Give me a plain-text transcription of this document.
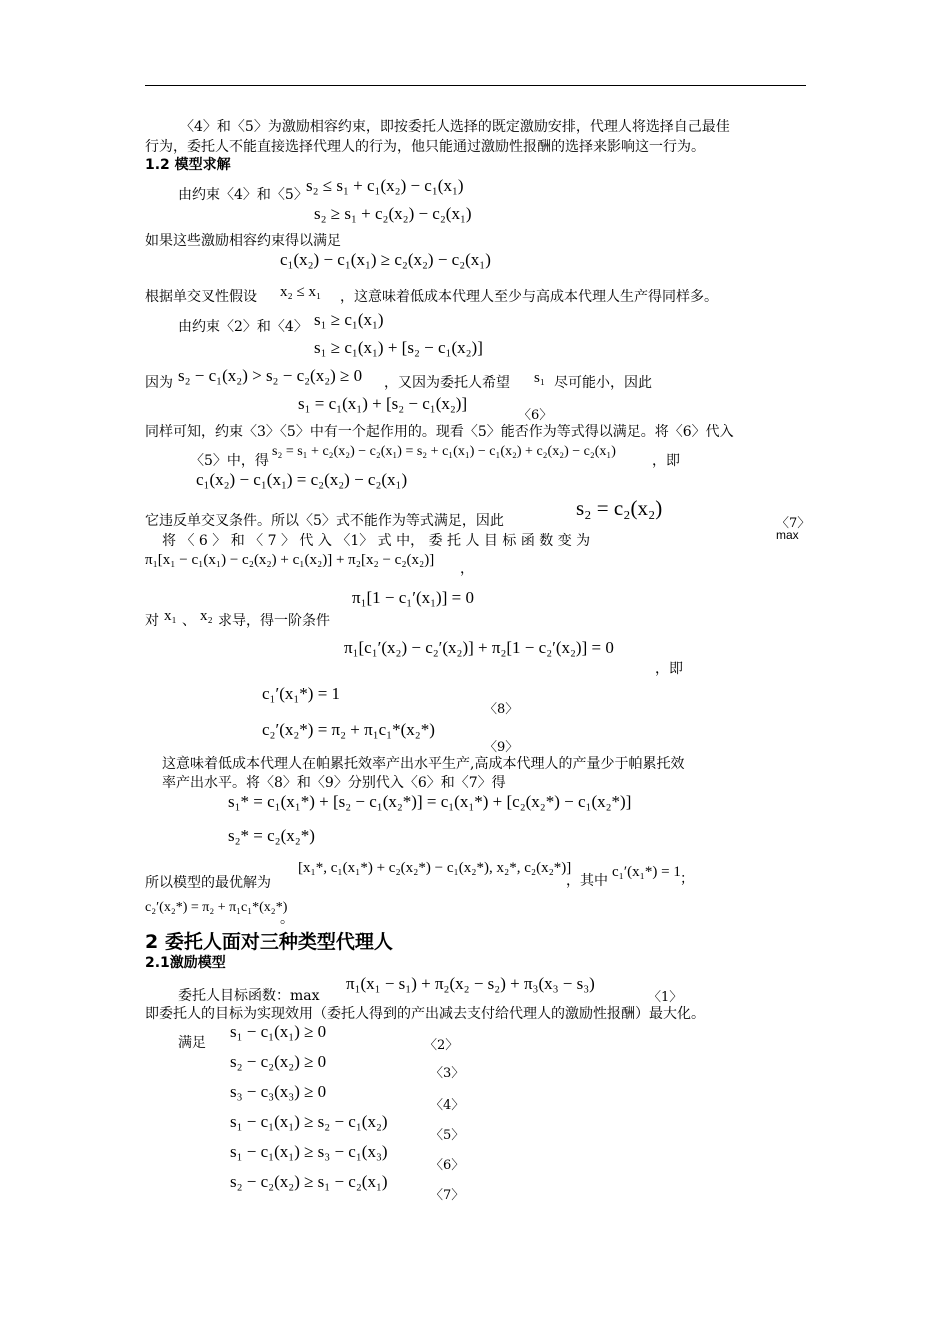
〈4〉和〈5〉为激励相容约束，即按委托人选择的既定激励安排，代理人将选择自己最佳
行为，委托人不能直接选择代理人的行为，他只能通过激励性报酬的选择来影响这一行为。
1.2 模型求解
由约束〈4〉和〈5〉
s₂ ≤ s₁ + c₁(x₂) − c₁(x₁)
s₂ ≥ s₁ + c₂(x₂) − c₂(x₁)
如果这些激励相容约束得以满足
c₁(x₂) − c₁(x₁) ≥ c₂(x₂) − c₂(x₁)
根据单交叉性假设 x₂ ≤ x₁ ，这意味着低成本代理人至少与高成本代理人生产得同样多。
由约束〈2〉和〈4〉 s₁ ≥ c₁(x₁)
s₁ ≥ c₁(x₁) + [s₂ − c₁(x₂)]
因为 s₂ − c₁(x₂) > s₂ − c₂(x₂) ≥ 0 ，又因为委托人希望 s₁ 尽可能小，因此
s₁ = c₁(x₁) + [s₂ − c₁(x₂)]
〈6〉
同样可知，约束〈3〉〈5〉中有一个起作用的。现看〈5〉能否作为等式得以满足。将〈6〉代入
〈5〉中，得
s₂ = s₁ + c₂(x₂) − c₂(x₁) = s₂ + c₁(x₁) − c₁(x₂) + c₂(x₂) − c₂(x₁)
，即
c₁(x₂) − c₁(x₁) = c₂(x₂) − c₂(x₁)
它违反单交叉条件。所以〈5〉式不能作为等式满足，因此
s₂ = c₂(x₂)
〈7〉
将 〈 6 〉 和 〈 7 〉 代 入 〈1〉 式 中， 委 托 人 目 标 函 数 变 为	max
π₁[x₁ − c₁(x₁) − c₂(x₂) + c₁(x₂)] + π₂[x₂ − c₂(x₂)]
，
π₁[1 − c₁′(x₁)] = 0
对 x₁ 、 x₂ 求导，得一阶条件
π₁[c₁′(x₂) − c₂′(x₂)] + π₂[1 − c₂′(x₂)] = 0
，即
c₁′(x₁*) = 1
〈8〉
c₂′(x₂*) = π₂ + π₁c₁*(x₂*)
〈9〉
这意味着低成本代理人在帕累托效率产出水平生产,高成本代理人的产量少于帕累托效
率产出水平。将〈8〉和〈9〉分别代入〈6〉和〈7〉得
s₁* = c₁(x₁*) + [s₂ − c₁(x₂*)] = c₁(x₁*) + [c₂(x₂*) − c₁(x₂*)]
s₂* = c₂(x₂*)
所以模型的最优解为
[x₁*, c₁(x₁*) + c₂(x₂*) − c₁(x₂*), x₂*, c₂(x₂*)]
，其中
c₁′(x₁*) = 1 ；
c₂′(x₂*) = π₂ + π₁c₁*(x₂*)
。
2 委托人面对三种类型代理人
2.1激励模型
委托人目标函数：max
π₁(x₁ − s₁) + π₂(x₂ − s₂) + π₃(x₃ − s₃)
〈1〉
即委托人的目标为实现效用（委托人得到的产出减去支付给代理人的激励性报酬）最大化。
满足
s₁ − c₁(x₁) ≥ 0
〈2〉
s₂ − c₂(x₂) ≥ 0
〈3〉
s₃ − c₃(x₃) ≥ 0
〈4〉
s₁ − c₁(x₁) ≥ s₂ − c₁(x₂)
〈5〉
s₁ − c₁(x₁) ≥ s₃ − c₁(x₃)
〈6〉
s₂ − c₂(x₂) ≥ s₁ − c₂(x₁)
〈7〉
